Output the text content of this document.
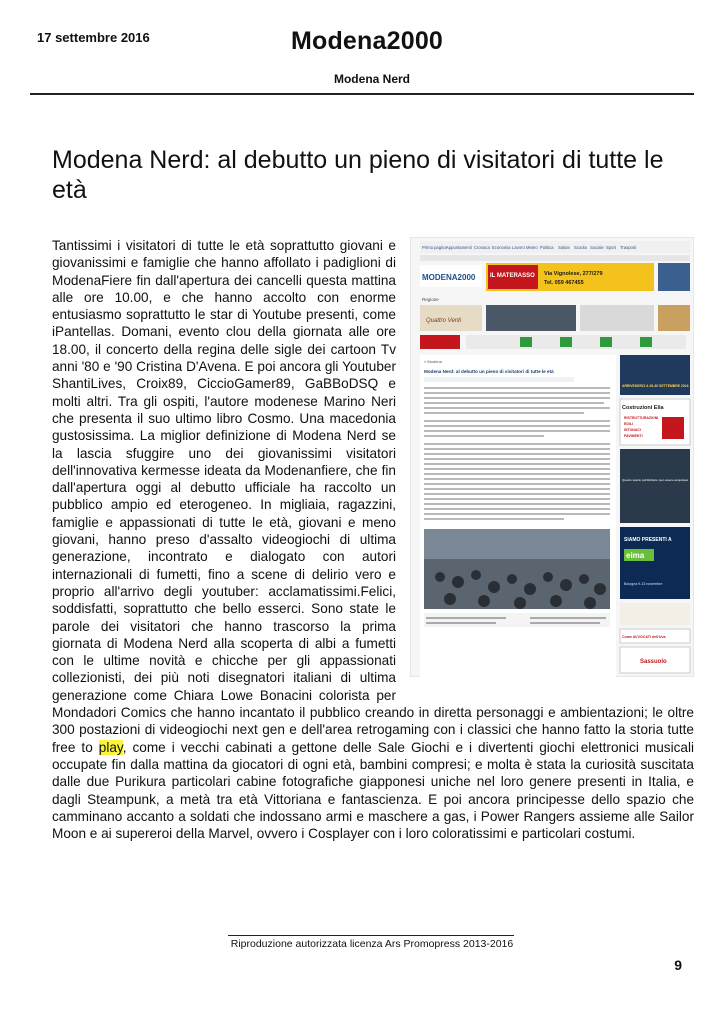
17 settembre 2016	Modena2000
Modena Nerd
Modena Nerd: al debutto un pieno di visitatori di tutte le età
Prima pagina Appuntamenti Cronaca Economia Lavoro Meteo Politica Salute Scuola Sociale Sport Trasporti
MODENA2000 IL MATERASSO Via Vignolese, 277/279
Tel. 059 467455
Regione
Quattro Venti
» Modena
Modena Nerd: al debutto un pieno di visitatori di tutte le età
ARRIVEDERCI A 26-30 SETTEMBRE 2016
Costruzioni Elia
RISTRUTTURAZIONI
EDILI
INTONACI
PAVIMENTI
Questo spazio pubblicitario può essere acquistato
SIAMO PRESENTI A
eima
Bologna 9-13 novembre
Come AVVOCATI dell'Uva
Sassuolo
Tantissimi i visitatori di tutte le età soprattutto giovani e giovanissimi e famiglie che hanno affollato i padiglioni di ModenaFiere fin dall'apertura dei cancelli questa mattina alle ore 10.00, e che hanno accolto con enorme entusiasmo soprattutto le star di Youtube presenti, come iPantellas. Domani, evento clou della giornata alle ore 18.00, il concerto della regina delle sigle dei cartoon Tv anni '80 e '90 Cristina D'Avena. E poi ancora gli Youtuber ShantiLives, Croix89, CiccioGamer89, GaBBoDSQ e molti altri. Tra gli ospiti, l'autore modenese Marino Neri che presenta il suo ultimo libro Cosmo. Una macedonia gustosissima. La miglior definizione di Modena Nerd se la lascia sfuggire uno dei giovanissimi visitatori dell'innovativa kermesse ideata da Modenanfiere, che fin dall'apertura oggi al debutto ufficiale ha raccolto un pubblico ampio ed eterogeneo. In migliaia, ragazzini, famiglie e appassionati di tutte le età, giovani e meno giovani, hanno preso d'assalto videogiochi di ultima generazione, incontrato e dialogato con autori internazionali di fumetti, fino a scene di delirio vero e proprio all'arrivo degli youtuber: acclamatissimi.Felici, soddisfatti, soprattutto che bello esserci. Sono state le parole dei visitatori che hanno trascorso la prima giornata di Modena Nerd alla scoperta di albi a fumetti con le ultime novità e chicche per gli appassionati collezionisti, dei più noti disegnatori italiani di ultima generazione come Chiara Lowe Bonacini colorista per Mondadori Comics che hanno incantato il pubblico creando in diretta personaggi e ambientazioni; le oltre 300 postazioni di videogiochi next gen e dell'area retrogaming con i classici che hanno fatto la storia tutte free to play, come i vecchi cabinati a gettone delle Sale Giochi e i divertenti giochi elettronici musicali occupate fin dalla mattina da giocatori di ogni età, bambini compresi; e molta è stata la curiosità suscitata dalle due Purikura particolari cabine fotografiche giapponesi uniche nel loro genere presenti in Italia, e dagli Steampunk, a metà tra età Vittoriana e fantascienza. E poi ancora principesse dello spazio che camminano accanto a soldati che indossano armi e maschere a gas, i Power Rangers assieme alle Sailor Moon e ai supereroi della Marvel, ovvero i Cosplayer con i loro coloratissimi e particolari costumi.
Riproduzione autorizzata licenza Ars Promopress 2013-2016
9
